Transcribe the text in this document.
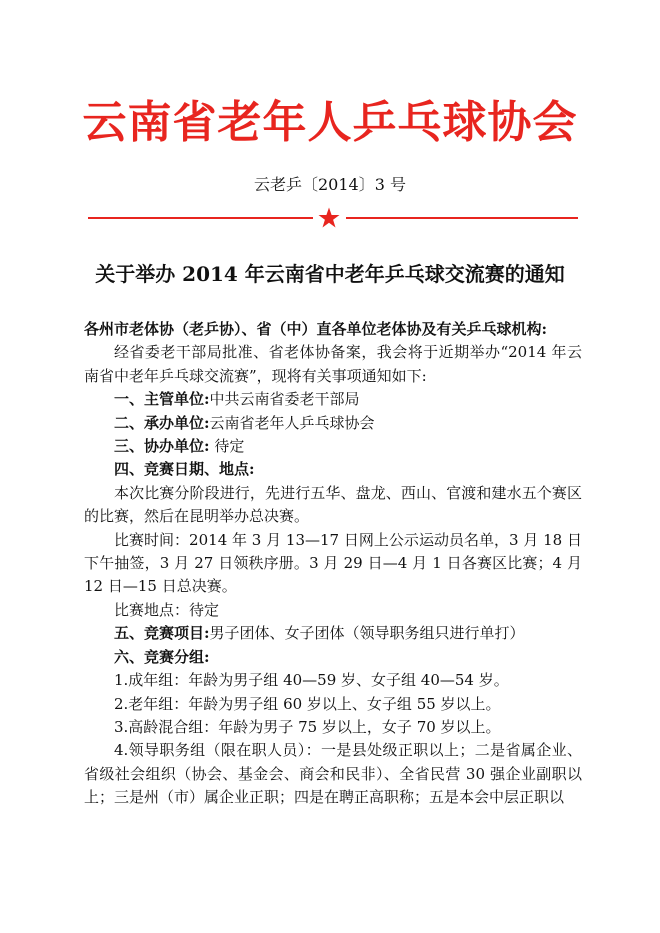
云南省老年人乒乓球协会
云老乒〔2014〕3 号
关于举办 2014 年云南省中老年乒乓球交流赛的通知

各州市老体协（老乒协）、省（中）直各单位老体协及有关乒乓球机构:

经省委老干部局批准、省老体协备案，我会将于近期举办“2014 年云南省中老年乒乓球交流赛”，现将有关事项通知如下:

一、主管单位:中共云南省委老干部局

二、承办单位:云南省老年人乒乓球协会

三、协办单位: 待定

四、竞赛日期、地点:

本次比赛分阶段进行，先进行五华、盘龙、西山、官渡和建水五个赛区的比赛，然后在昆明举办总决赛。

比赛时间：2014 年 3 月 13—17 日网上公示运动员名单，3 月 18 日下午抽签，3 月 27 日领秩序册。3 月 29 日—4 月 1 日各赛区比赛；4 月 12 日—15 日总决赛。

比赛地点：待定

五、竞赛项目:男子团体、女子团体（领导职务组只进行单打）

六、竞赛分组:

1.成年组：年龄为男子组 40—59 岁、女子组 40—54 岁。

2.老年组：年龄为男子组 60 岁以上、女子组 55 岁以上。

3.高龄混合组：年龄为男子 75 岁以上，女子 70 岁以上。

4.领导职务组（限在职人员）：一是县处级正职以上；二是省属企业、省级社会组织（协会、基金会、商会和民非）、全省民营 30 强企业副职以上；三是州（市）属企业正职；四是在聘正高职称；五是本会中层正职以
